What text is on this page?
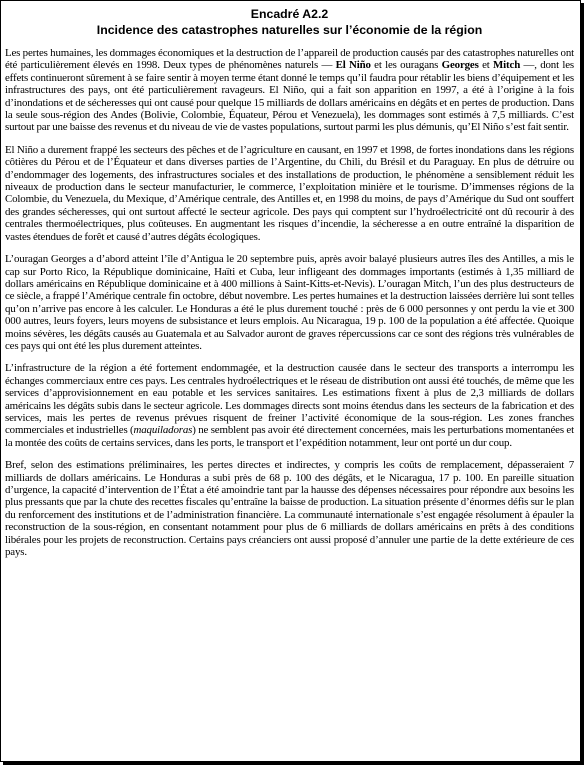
Encadré A2.2
Incidence des catastrophes naturelles sur l’économie de la région

Les pertes humaines, les dommages économiques et la destruction de l’appareil de production causés par des catastrophes naturelles ont été particulièrement élevés en 1998. Deux types de phénomènes naturels — El Niño et les ouragans Georges et Mitch —, dont les effets continueront sûrement à se faire sentir à moyen terme étant donné le temps qu’il faudra pour rétablir les biens d’équipement et les infrastructures des pays, ont été particulièrement ravageurs. El Niño, qui a fait son apparition en 1997, a été à l’origine à la fois d’inondations et de sécheresses qui ont causé pour quelque 15 milliards de dollars américains en dégâts et en pertes de production. Dans la seule sous-région des Andes (Bolivie, Colombie, Équateur, Pérou et Venezuela), les dommages sont estimés à 7,5 milliards. C’est surtout par une baisse des revenus et du niveau de vie de vastes populations, surtout parmi les plus démunis, qu’El Niño s’est fait sentir.

El Niño a durement frappé les secteurs des pêches et de l’agriculture en causant, en 1997 et 1998, de fortes inondations dans les régions côtières du Pérou et de l’Équateur et dans diverses parties de l’Argentine, du Chili, du Brésil et du Paraguay. En plus de détruire ou d’endommager des logements, des infrastructures sociales et des installations de production, le phénomène a sensiblement réduit les niveaux de production dans le secteur manufacturier, le commerce, l’exploitation minière et le tourisme. D’immenses régions de la Colombie, du Venezuela, du Mexique, d’Amérique centrale, des Antilles et, en 1998 du moins, de pays d’Amérique du Sud ont souffert des grandes sécheresses, qui ont surtout affecté le secteur agricole. Des pays qui comptent sur l’hydroélectricité ont dû recourir à des centrales thermoélectriques, plus coûteuses. En augmentant les risques d’incendie, la sécheresse a en outre entraîné la disparition de vastes étendues de forêt et causé d’autres dégâts écologiques.

L’ouragan Georges a d’abord atteint l’île d’Antigua le 20 septembre puis, après avoir balayé plusieurs autres îles des Antilles, a mis le cap sur Porto Rico, la République dominicaine, Haïti et Cuba, leur infligeant des dommages importants (estimés à 1,35 milliard de dollars américains en République dominicaine et à 400 millions à Saint-Kitts-et-Nevis). L’ouragan Mitch, l’un des plus destructeurs de ce siècle, a frappé l’Amérique centrale fin octobre, début novembre. Les pertes humaines et la destruction laissées derrière lui sont telles qu’on n’arrive pas encore à les calculer. Le Honduras a été le plus durement touché : près de 6 000 personnes y ont perdu la vie et 300 000 autres, leurs foyers, leurs moyens de subsistance et leurs emplois. Au Nicaragua, 19 p. 100 de la population a été affectée. Quoique moins sévères, les dégâts causés au Guatemala et au Salvador auront de graves répercussions car ce sont des régions très vulnérables de ces pays qui ont été les plus durement atteintes.

L’infrastructure de la région a été fortement endommagée, et la destruction causée dans le secteur des transports a interrompu les échanges commerciaux entre ces pays. Les centrales hydroélectriques et le réseau de distribution ont aussi été touchés, de même que les services d’approvisionnement en eau potable et les services sanitaires. Les estimations fixent à plus de 2,3 milliards de dollars américains les dégâts subis dans le secteur agricole. Les dommages directs sont moins étendus dans les secteurs de la fabrication et des services, mais les pertes de revenus prévues risquent de freiner l’activité économique de la sous-région. Les zones franches commerciales et industrielles (maquiladoras) ne semblent pas avoir été directement concernées, mais les perturbations momentanées et la montée des coûts de certains services, dans les ports, le transport et l’expédition notamment, leur ont porté un dur coup.

Bref, selon des estimations préliminaires, les pertes directes et indirectes, y compris les coûts de remplacement, dépasseraient 7 milliards de dollars américains. Le Honduras a subi près de 68 p. 100 des dégâts, et le Nicaragua, 17 p. 100. En pareille situation d’urgence, la capacité d’intervention de l’État a été amoindrie tant par la hausse des dépenses nécessaires pour répondre aux besoins les plus pressants que par la chute des recettes fiscales qu’entraîne la baisse de production. La situation présente d’énormes défis sur le plan du renforcement des institutions et de l’administration financière. La communauté internationale s’est engagée résolument à épauler la reconstruction de la sous-région, en consentant notamment pour plus de 6 milliards de dollars américains en prêts à des conditions libérales pour les projets de reconstruction. Certains pays créanciers ont aussi proposé d’annuler une partie de la dette extérieure de ces pays.
